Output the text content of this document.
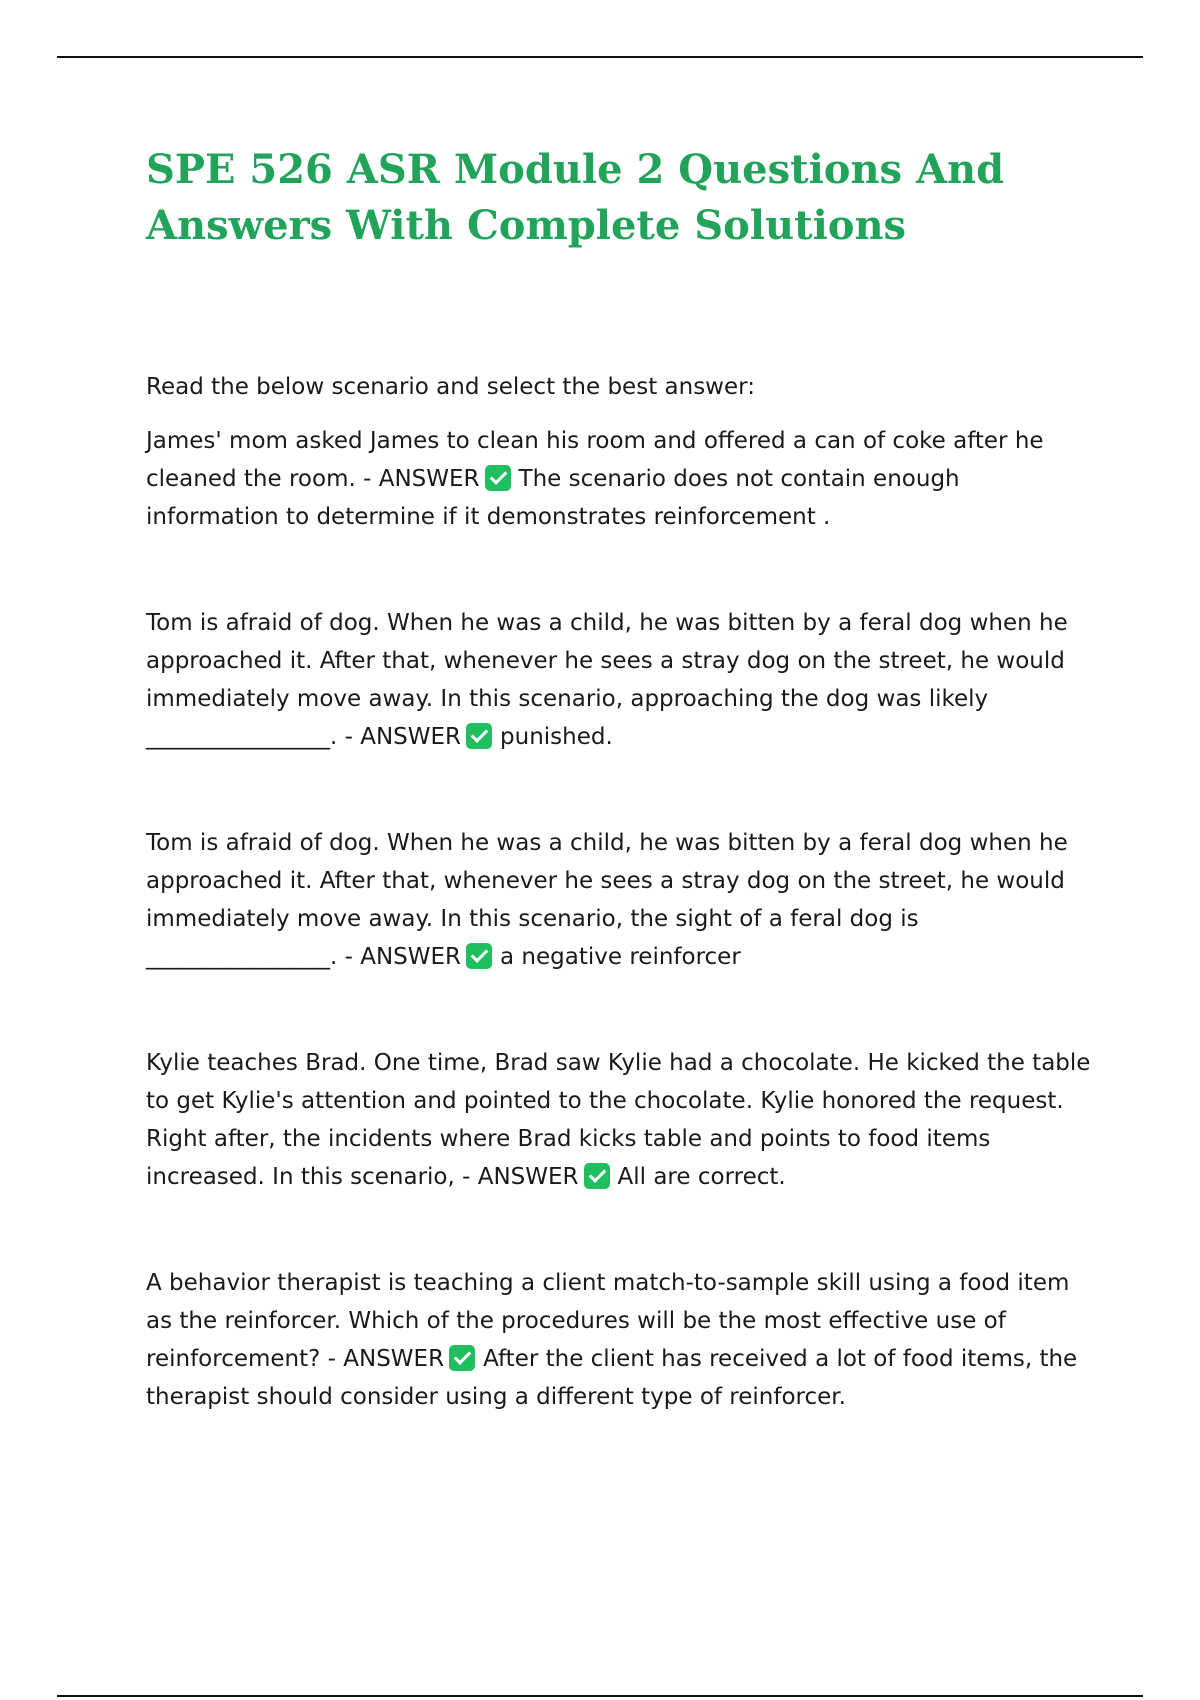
SPE 526 ASR Module 2 Questions And Answers With Complete Solutions

Read the below scenario and select the best answer:

James' mom asked James to clean his room and offered a can of coke after he cleaned the room. - ANSWER The scenario does not contain enough information to determine if it demonstrates reinforcement .

Tom is afraid of dog. When he was a child, he was bitten by a feral dog when he approached it. After that, whenever he sees a stray dog on the street, he would immediately move away. In this scenario, approaching the dog was likely ________________. - ANSWER punished.

Tom is afraid of dog. When he was a child, he was bitten by a feral dog when he approached it. After that, whenever he sees a stray dog on the street, he would immediately move away. In this scenario, the sight of a feral dog is ________________. - ANSWER a negative reinforcer

Kylie teaches Brad. One time, Brad saw Kylie had a chocolate. He kicked the table to get Kylie's attention and pointed to the chocolate. Kylie honored the request. Right after, the incidents where Brad kicks table and points to food items increased. In this scenario, - ANSWER All are correct.

A behavior therapist is teaching a client match-to-sample skill using a food item as the reinforcer. Which of the procedures will be the most effective use of reinforcement? - ANSWER After the client has received a lot of food items, the therapist should consider using a different type of reinforcer.
